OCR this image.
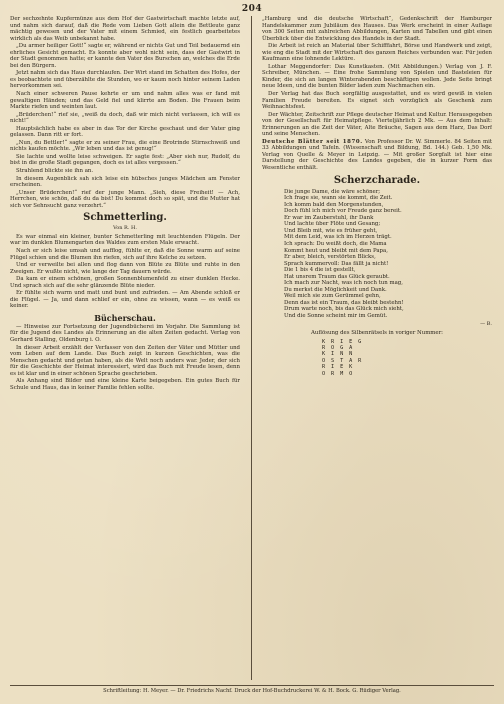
204

Der sechzehnte Kupfermünze aus dem Hof der Gastwirtschaft machte letzte auf, und nahm sich darauf, daß die Rede vom Lieben Gott allein die Bettleute ganz mächtig gewesen und der Vater mit einem Schmied, ein festlich gearbeitetes wirklich als das Weib unbekannt habe.

„Du armer heiliger Gott!“ sagte er, während er nichts Gut und Teil bedauernd ein ehrliches Gesicht gemacht. Es konnte aber wohl nicht sein, dass der Gastwirt in der Stadt genommen hatte; er kannte den Vater des Burschen an, welches die Erde bei den Bürgern.

Jetzt nahm sich das Haus durchlaufen. Der Wirt stand im Schatten des Hofes, der es beobachtete und überzählte die Stunden, wo er kaum noch hinter seinem Laden hervorkommen sei.

Nach einer schweren Pause kehrte er um und nahm alles was er fand mit gewaltigen Händen; und das Geld fiel und klirrte am Boden. Die Frauen beim Markte riefen und weinten laut.

„Brüderchen!“ rief sie, „weiß du doch, daß wir mich nicht verlassen, ich will es nicht!“

Hauptsächlich habe es aber in das Tor der Kirche geschaut und der Vater ging gelassen. Dann ritt er fort.

„Nun, du Bettler!“ sagte er zu seiner Frau, die eine Brotrinde Stirnschweiß und nichts kaufen möchte. „Wir leben und das ist genug!“

Sie lachte und wollte leise schweigen. Er sagte fest: „Aber sieh nur, Rudolf, du bist in die große Stadt gegangen, doch es ist alles vergessen.“

Strahlend blickte sie ihn an.

In diesem Augenblick sah sich leise ein hübsches junges Mädchen am Fenster erscheinen.

„Unser Brüderchen!“ rief der junge Mann. „Sieh, diese Freiheit! — Ach, Herrchen, wie schön, daß du da bist! Du kommst doch so spät, und die Mutter hat sich vor Sehnsucht ganz verzehrt.“

Schmetterling.
Von R. H.

Es war einmal ein kleiner, bunter Schmetterling mit leuchtenden Flügeln. Der war im dunklen Blumengarten des Waldes zum ersten Male erwacht.

Nach er sich leise umsah und aufflog, fühlte er, daß die Sonne warm auf seine Flügel schien und die Blumen ihn riefen, sich auf ihre Kelche zu setzen.

Und er verweilte bei allen und flog dann von Blüte zu Blüte und ruhte in den Zweigen. Er wußte nicht, wie lange der Tag dauern würde.

Da kam er einem schönen, großen Sonnenblumenfeld zu einer dunklen Hecke. Und sprach sich auf die sehr glänzende Blüte nieder.

Er fühlte sich warm und matt und bunt und zufrieden. — Am Abende schloß er die Flügel. — Ja, und dann schlief er ein, ohne zu wissen, wann — es weiß es keiner.

Bücherschau.

— Hinweise zur Fortsetzung der Jugendbücherei im Vorjahr. Die Sammlung ist für die Jugend des Landes als Erinnerung an die alten Zeiten gedacht. Verlag von Gerhard Stalling, Oldenburg i. O.

In dieser Arbeit erzählt der Verfasser von den Zeiten der Väter und Mütter und vom Leben auf dem Lande. Das Buch zeigt in kurzen Geschichten, was die Menschen gedacht und getan haben, als die Welt noch anders war. Jeder, der sich für die Geschichte der Heimat interessiert, wird das Buch mit Freude lesen, denn es ist klar und in einer schönen Sprache geschrieben.

Als Anhang sind Bilder und eine kleine Karte beigegeben. Ein gutes Buch für Schule und Haus, das in keiner Familie fehlen sollte.

„Hamburg und die deutsche Wirtschaft“, Gedenkschrift der Hamburger Handelskammer zum Jubiläum des Hauses. Das Werk erscheint in einer Auflage von 300 Seiten mit zahlreichen Abbildungen, Karten und Tabellen und gibt einen Überblick über die Entwicklung des Handels in der Stadt.

Die Arbeit ist reich an Material über Schifffahrt, Börse und Handwerk und zeigt, wie eng die Stadt mit der Wirtschaft des ganzen Reiches verbunden war. Für jeden Kaufmann eine lohnende Lektüre.

Lothar Meggendorfer: Das Kunstkasten. (Mit Abbildungen.) Verlag von J. F. Schreiber, München. — Eine frohe Sammlung von Spielen und Basteleien für Kinder, die sich an langen Winterabenden beschäftigen wollen. Jede Seite bringt neue Ideen, und die bunten Bilder laden zum Nachmachen ein.

Der Verlag hat das Buch sorgfältig ausgestattet, und es wird gewiß in vielen Familien Freude bereiten. Es eignet sich vorzüglich als Geschenk zum Weihnachtsfest.

Der Wächter, Zeitschrift zur Pflege deutscher Heimat und Kultur. Herausgegeben von der Gesellschaft für Heimatpflege. Vierteljährlich 2 Mk. — Aus dem Inhalt: Erinnerungen an die Zeit der Väter, Alte Bräuche, Sagen aus dem Harz, Das Dorf und seine Menschen.

Deutsche Blätter seit 1870. Von Professor Dr. W. Simmerle. 84 Seiten mit 33 Abbildungen und Tafeln. (Wissenschaft und Bildung, Bd. 144.) Geb. 1,50 Mk. Verlag von Quelle & Meyer in Leipzig. — Mit großer Sorgfalt ist hier eine Darstellung der Geschichte des Landes gegeben, die in kurzer Form das Wesentliche enthält.

Scherzcharade.
Die junge Dame, die wäre schöner;
Ich frage sie, wann sie kommt, die Zeit.
Ich komm bald den Morgenstunden,
Doch fühl ich mich vor Freude ganz bereit.
Er war im Zauberstuhl, ihr Dank
Und lachte über Flöte und Gesang;
Und Bleib mit, wie es früher geht,
Mit dem Leid, was ich im Herzen trägt.
Ich sprach: Du weißt doch, die Mama
Kommt heut und bleibt mit dem Papa,
Er aber, bleich, verstörten Blicks,
Sprach kummervoll: Das fällt ja nicht!
Die 1 bis 4 die ist gestellt,
Hat unsrem Traum das Glück geraubt.
Ich mach zur Nacht, was ich noch tun mag,
Du merkst die Möglichkeit und Dank.
Weil mich sie zum Gerümmel gehn,
Denn das ist ein Traum, das bleibt bestehn!
Drum warte noch, bis das Glück mich sieht,
Und die Sonne scheint mir im Gemüt.
— B.
Auflösung des Silbenrätsels in voriger Nummer:
K R I E G
R O G A
K I N N
O S T A R
R I E K
O R M O
Schriftleitung: H. Meyer. — Dr. Friedrichs Nachf. Druck der Hof-Buchdruckerei W. & H. Bock. G. Rüdiger Verlag.
